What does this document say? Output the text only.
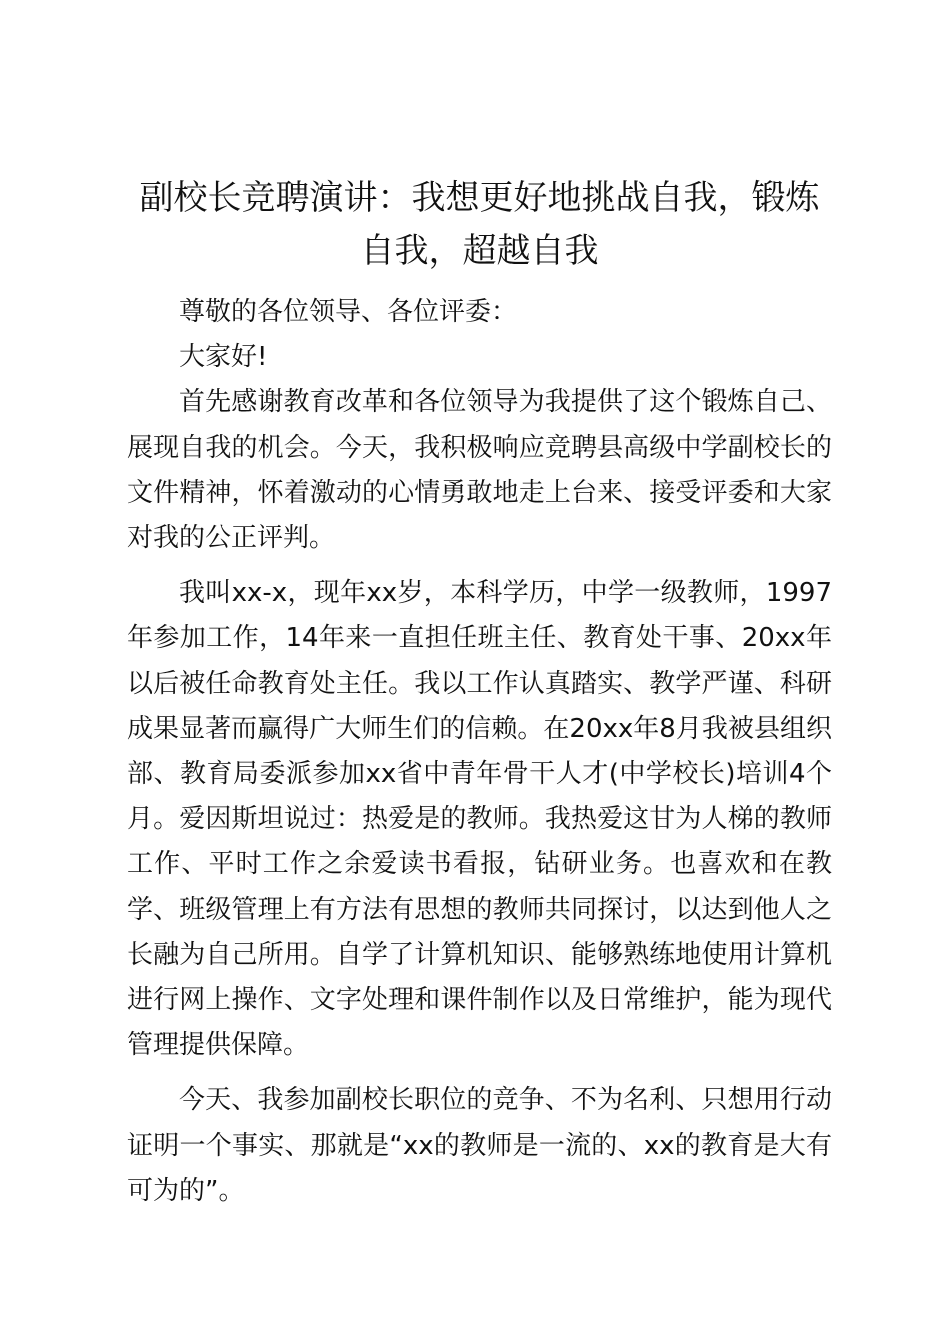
副校长竞聘演讲：我想更好地挑战自我，锻炼自我，超越自我

尊敬的各位领导、各位评委：

大家好!

首先感谢教育改革和各位领导为我提供了这个锻炼自己、展现自我的机会。今天，我积极响应竞聘县高级中学副校长的文件精神，怀着激动的心情勇敢地走上台来、接受评委和大家对我的公正评判。

我叫xx-x，现年xx岁，本科学历，中学一级教师，1997年参加工作，14年来一直担任班主任、教育处干事、20xx年以后被任命教育处主任。我以工作认真踏实、教学严谨、科研成果显著而赢得广大师生们的信赖。在20xx年8月我被县组织部、教育局委派参加xx省中青年骨干人才(中学校长)培训4个月。爱因斯坦说过：热爱是的教师。我热爱这甘为人梯的教师工作、平时工作之余爱读书看报，钻研业务。也喜欢和在教学、班级管理上有方法有思想的教师共同探讨，以达到他人之长融为自己所用。自学了计算机知识、能够熟练地使用计算机进行网上操作、文字处理和课件制作以及日常维护，能为现代管理提供保障。

今天、我参加副校长职位的竞争、不为名利、只想用行动证明一个事实、那就是“xx的教师是一流的、xx的教育是大有可为的”。
